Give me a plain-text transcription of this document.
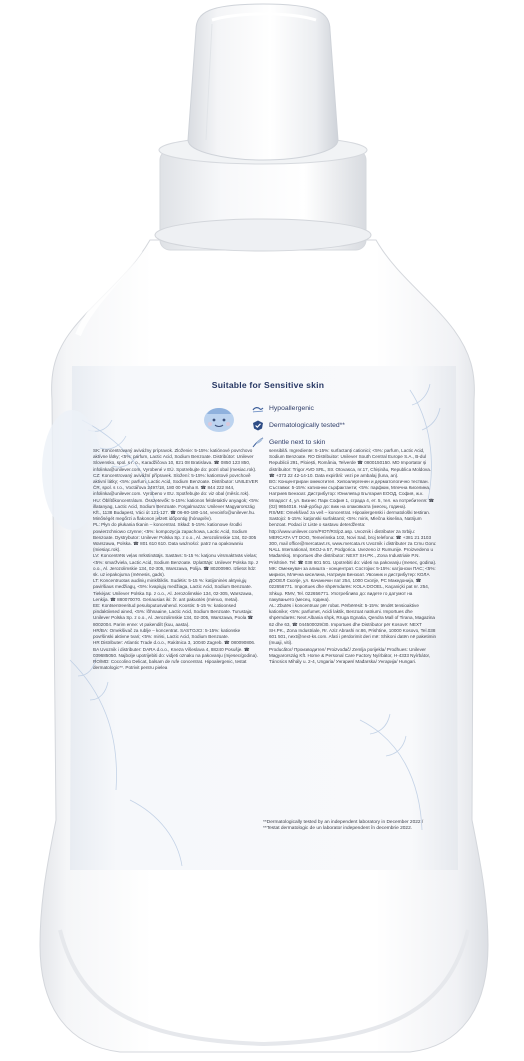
Suitable for Sensitive skin
Hypoallergenic
Dermatologically tested**
Gentle next to skin
SK: Koncentrovaný aviváźny prípravok. Zloženie: 5-15%: katiónové povrchovo aktívne látky; <5%: parfum, Lactic Acid, Sodium Benzoate. Distribútor: Unilever Slovensko, spol. s r. o., Karadžičova 10, 821 08 Bratislava. ☎ 0850 123 850, infolinka@unilever.com. Vyrobené v EÚ. Spotrebujte do: pozri obal (mesiac.rok).
CZ: Koncentrovaný aviváźní přípravek. Složení: 5-15%: kationtové povrchově aktivní látky; <5%: parfum, Lactic Acid, Sodium Benzoate. Distributor: UNILEVER ČR, spol. s r.o., Voctářova 2497/18, 180 00 Praha 8. ☎ 844 222 844, infolinka@unilever.com. Vyrobeno v EU. Spotřebujte do: viz obal (měsíc.rok).
HU: Öblítőkoncentrátum. Összetevők: 5-15%: kationos felületaktív anyagok; <5%: illatanyag, Lactic Acid, Sodium Benzoate. Forgalmazza: Unilever Magyarország Kft., 1138 Budapest, Váci út 121-127. ☎ 06-80-180-144, vevoinfo@unilever.hu. Minőségét megőrzi a flakonon jelzett időpontig (hónap/év).
PL: Płyn do płukania tkanin – koncentrat. Skład: 5-15%: kationowe środki powierzchniowo czynne; <5%: kompozycja zapachowa, Lactic Acid, Sodium Benzoate. Dystrybutor: Unilever Polska Sp. z o.o., Al. Jerozolimskie 134, 02-305 Warszawa, Polska. ☎ 801 610 610. Data ważności: patrz na opakowaniu (miesiąc.rok).
LV: Koncentrēts veļas mīkstinātājs. Sastāvs: 5-15 %: katjonu virsmaktīvās vielas; <5%: smaržviela, Lactic Acid, Sodium Benzoate. Izplatītājs: Unilever Polska Sp. z o.o., Al. Jerozolimskie 134, 02-305, Warszawa, Polija. ☎ 80200990. Izlietot līdz: sk. uz iepakojuma (mēnesis, gads).
LT: Koncentruotas audinių minkštiklis. Sudėtis: 5-15 %: katijoninės aktyviųjų paviršiaus medžiagų, <5%: kvapiųjų medžiaga, Lactic Acid, Sodium Benzoate. Tiekėjas: Unilever Polska Sp. z o.o., Al. Jerozolimskie 134, 02-305, Warszawa, Lenkija. ☎ 880070070. Geriausias iki: žr. ant pakuotės (mėnuo, metai).
EE: Kontsentreeritud pesuloputusvahend. Koostis: 5-15 %: katioonsed pindaktiivsed ained, <5%: lõhnaaine, Lactic Acid, Sodium Benzoate. Turustaja: Unilever Polska Sp. z o.o., Al. Jerozolimskie 134, 02-305, Warszawa, Poola ☎ 8002004. Parim enne: vt pakendilt (kuu, aasta).
HR/BA: Omekšivač za rublje – koncentrat. SASTOJCI: 5-15%: kationske površinski aktivne tvari; <5%: mirisi, Lactic Acid, Sodium Benzoate.
HR Distributer: Atlantic Trade d.o.o., Rakitnica 3, 10040 Zagreb. ☎ 080090806.
BA Uvoznik i distributer: DARA d.o.o., Kneza Višeslava 4, 88240 Posušje. ☎ 039685050. Najbolje upotrijebiti do: vidjeti oznaku na pakovanju (mjesec/godina).
RO/MD: Coccolino Delicat, balsam de rufe concentrat. Hipoalergenic, testat dermatologic**. Potrivit pentru pielea
sensibilă. Ingrediente: 5-15%: surfactanți cationici; <5%: parfum, Lactic Acid, Sodium Benzoate. RO Distribuitor: Unilever South Central Europe S.A., B-dul Republicii 291, Ploiești, România, Telverde ☎ 0800150150. MD Importator și distribuitor: Trigor AVD SRL, Str. Otovasca, nr.17, Chișinău, Republica Moldova. ☎ +373 22 42-14-10. Data expirării: vezi pe ambalaj (luna, an).
BG: Концентриран омекотител. Хипоалергенен и дерматологично тестван. Съставки: 5-15%: катионни сърфактанти; <5%: парфюм, Млечна Киселина, Натриев Бензоат. Дистрибутор: Юнилевър България ЕООД, София, ж.к. Младост 4, ул. Бизнес Парк София 1, сграда 4, ет. 5, тел. на потребителя: ☎ (02) 9654016. Най-добър до: виж на опаковката (месец, година).
RS/ME: Omekšivač za veš – koncentrat. Hipoalergenski i dermatološki testiran. Sastojci: 5-15%: katjonski surfaktanti; <5%: miris, Mlečna kiselina, Natrijum benzoat. Podaci iz Liste o sastavu deterdženta: http://www.unilever.com/PIOT/RS/p2.asp. Uvoznik i distributer za Srbiju: MERCATA VT DOO, Temerinska 102, Novi Sad, broj telefona: ☎ +381 21 3103 300, mail office@mercatavt.rs, www.mercata.rs Uvoznik i distributer za Crnu Goru: NALL International, SKOJ-a 57, Podgorica. Uvezeno iz Rumunije. Proizvedeno u Mađarskoj. Importues dhe distributor: NEXT SH.PK., Zona Industriale P.N. Prishtinë. Tel: ☎ 038 601 501. Upotrebiti do: videti na pakovanju (mesec, godina).
MK: Омекнувач за алишта - концентрат. Состојки: 5-15%: катјонски ПАС; <5%: мириси, Млечна киселина, Натриум Бензоат. Увозник и дистрибутер: КОЛА ДООЕЛ Скопје, ул. Качаничкн пат 254, 1000 Скопје, РС Македонија, ☎ 022656771. Importues dhe shpërndarës: KOLA DOOEL, Kaçaniçki pat nr. 254, Shkup. RMV, Tel. 022656771. Употребливо до: видете го датумот на пакувањето (месец, година).
AL: Zbutës i koncentruar për robat. Përbërësit: 5-15%: tëndët tensioaktive kationike; <5%: parfumet, Acidi laktik, Benzoat natriumi. Importues dhe shpërndarës: Next Albania shpk, Rruga Egnatia, Qendra Mall of Tirana, Magazina 62 dhe 63, ☎ 044500029/30. Importues dhe Distributor për Kosovë: NEXT SH.PK., Zona Industriale, Rr. Aziz Abrashi nr.86, Prishtine, 10000 Kosovo, Tel.038 601 501, next@next-ks.com. Afati i përdorimit deri më: Shikoni datën në paketimin (muaji, viti).
Producător/ Производител/ Proizvođač/ Zemlja porijekla/ Prodhues: Unilever Magyarország Kft. Home & Personal Care Factory Nyírbátor, H-4333 Nyírbátor, Táncsics Mihály u. 2-4, Ungaria/ Унгария/ Mađarska/ Унгарија/ Hungari.
**Dermatologically tested by an independent laboratory in December 2022 /
**Testat dermatologic de un laborator independent în decembrie 2022.
